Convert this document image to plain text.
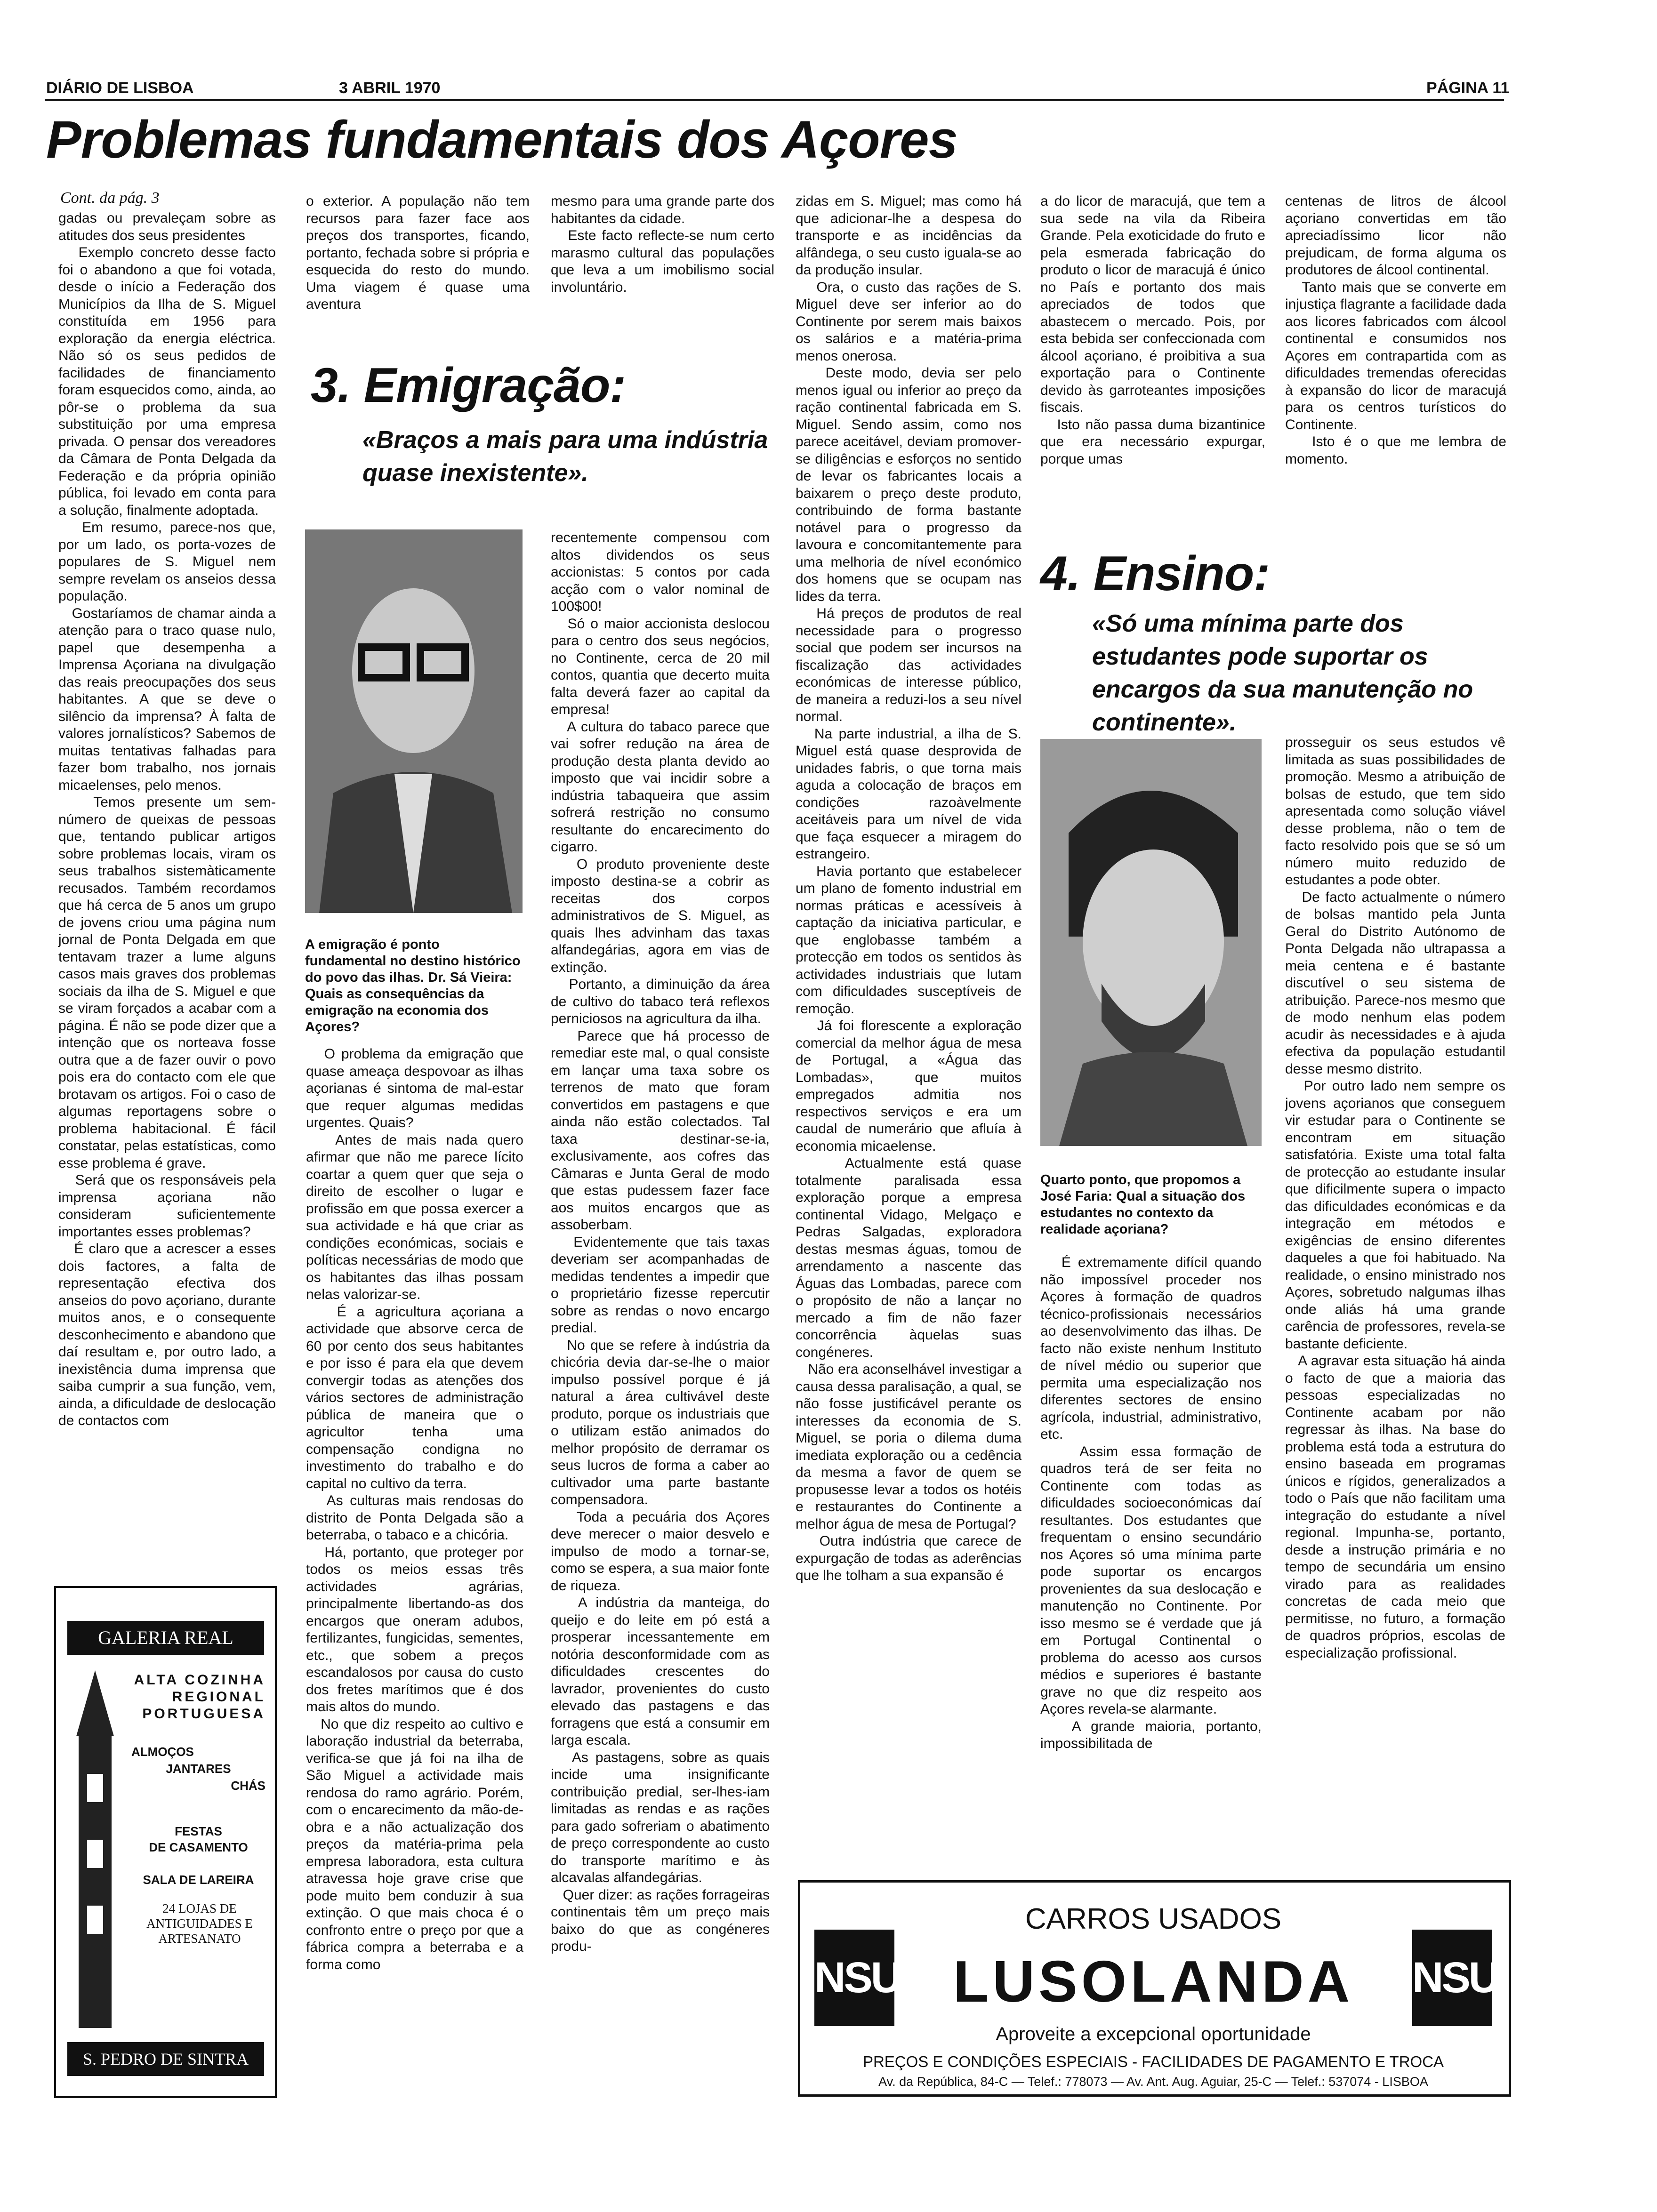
DIÁRIO DE LISBOA	3 ABRIL 1970	PÁGINA 11
Problemas fundamentais dos Açores
Cont. da pág. 3
gadas ou prevaleçam sobre as atitudes dos seus presidentes
Exemplo concreto desse facto foi o abandono a que foi votada, desde o início a Federação dos Municípios da Ilha de S. Miguel constituída em 1956 para exploração da energia eléctrica. Não só os seus pedidos de facilidades de financiamento foram esquecidos como, ainda, ao pôr-se o problema da sua substituição por uma empresa privada. O pensar dos vereadores da Câmara de Ponta Delgada da Federação e da própria opinião pública, foi levado em conta para a solução, finalmente adoptada.
Em resumo, parece-nos que, por um lado, os porta-vozes de populares de S. Miguel nem sempre revelam os anseios dessa população.
Gostaríamos de chamar ainda a atenção para o traco quase nulo, papel que desempenha a Imprensa Açoriana na divulgação das reais preocupações dos seus habitantes. A que se deve o silêncio da imprensa? À falta de valores jornalísticos? Sabemos de muitas tentativas falhadas para fazer bom trabalho, nos jornais micaelenses, pelo menos.
Temos presente um sem-número de queixas de pessoas que, tentando publicar artigos sobre problemas locais, viram os seus trabalhos sistemàticamente recusados. Também recordamos que há cerca de 5 anos um grupo de jovens criou uma página num jornal de Ponta Delgada em que tentavam trazer a lume alguns casos mais graves dos problemas sociais da ilha de S. Miguel e que se viram forçados a acabar com a página. É não se pode dizer que a intenção que os norteava fosse outra que a de fazer ouvir o povo pois era do contacto com ele que brotavam os artigos. Foi o caso de algumas reportagens sobre o problema habitacional. É fácil constatar, pelas estatísticas, como esse problema é grave.
Será que os responsáveis pela imprensa açoriana não consideram suficientemente importantes esses problemas?
É claro que a acrescer a esses dois factores, a falta de representação efectiva dos anseios do povo açoriano, durante muitos anos, e o consequente desconhecimento e abandono que daí resultam e, por outro lado, a inexistência duma imprensa que saiba cumprir a sua função, vem, ainda, a dificuldade de deslocação de contactos com
o exterior. A população não tem recursos para fazer face aos preços dos transportes, ficando, portanto, fechada sobre si própria e esquecida do resto do mundo. Uma viagem é quase uma aventura
mesmo para uma grande parte dos habitantes da cidade.
Este facto reflecte-se num certo marasmo cultural das populações que leva a um imobilismo social involuntário.
3. Emigração:
«Braços a mais para uma indústria quase inexistente».
A emigração é ponto fundamental no destino histórico do povo das ilhas. Dr. Sá Vieira: Quais as consequências da emigração na economia dos Açores?
O problema da emigração que quase ameaça despovoar as ilhas açorianas é sintoma de mal-estar que requer algumas medidas urgentes. Quais?
Antes de mais nada quero afirmar que não me parece lícito coartar a quem quer que seja o direito de escolher o lugar e profissão em que possa exercer a sua actividade e há que criar as condições económicas, sociais e políticas necessárias de modo que os habitantes das ilhas possam nelas valorizar-se.
É a agricultura açoriana a actividade que absorve cerca de 60 por cento dos seus habitantes e por isso é para ela que devem convergir todas as atenções dos vários sectores de administração pública de maneira que o agricultor tenha uma compensação condigna no investimento do trabalho e do capital no cultivo da terra.
As culturas mais rendosas do distrito de Ponta Delgada são a beterraba, o tabaco e a chicória.
Há, portanto, que proteger por todos os meios essas três actividades agrárias, principalmente libertando-as dos encargos que oneram adubos, fertilizantes, fungicidas, sementes, etc., que sobem a preços escandalosos por causa do custo dos fretes marítimos que é dos mais altos do mundo.
No que diz respeito ao cultivo e laboração industrial da beterraba, verifica-se que já foi na ilha de São Miguel a actividade mais rendosa do ramo agrário. Porém, com o encarecimento da mão-de-obra e a não actualização dos preços da matéria-prima pela empresa laboradora, esta cultura atravessa hoje grave crise que pode muito bem conduzir à sua extinção. O que mais choca é o confronto entre o preço por que a fábrica compra a beterraba e a forma como
recentemente compensou com altos dividendos os seus accionistas: 5 contos por cada acção com o valor nominal de 100$00!
Só o maior accionista deslocou para o centro dos seus negócios, no Continente, cerca de 20 mil contos, quantia que decerto muita falta deverá fazer ao capital da empresa!
A cultura do tabaco parece que vai sofrer redução na área de produção desta planta devido ao imposto que vai incidir sobre a indústria tabaqueira que assim sofrerá restrição no consumo resultante do encarecimento do cigarro.
O produto proveniente deste imposto destina-se a cobrir as receitas dos corpos administrativos de S. Miguel, as quais lhes advinham das taxas alfandegárias, agora em vias de extinção.
Portanto, a diminuição da área de cultivo do tabaco terá reflexos perniciosos na agricultura da ilha.
Parece que há processo de remediar este mal, o qual consiste em lançar uma taxa sobre os terrenos de mato que foram convertidos em pastagens e que ainda não estão colectados. Tal taxa destinar-se-ia, exclusivamente, aos cofres das Câmaras e Junta Geral de modo que estas pudessem fazer face aos muitos encargos que as assoberbam.
Evidentemente que tais taxas deveriam ser acompanhadas de medidas tendentes a impedir que o proprietário fizesse repercutir sobre as rendas o novo encargo predial.
No que se refere à indústria da chicória devia dar-se-lhe o maior impulso possível porque é já natural a área cultivável deste produto, porque os industriais que o utilizam estão animados do melhor propósito de derramar os seus lucros de forma a caber ao cultivador uma parte bastante compensadora.
Toda a pecuária dos Açores deve merecer o maior desvelo e impulso de modo a tornar-se, como se espera, a sua maior fonte de riqueza.
A indústria da manteiga, do queijo e do leite em pó está a prosperar incessantemente em notória desconformidade com as dificuldades crescentes do lavrador, provenientes do custo elevado das pastagens e das forragens que está a consumir em larga escala.
As pastagens, sobre as quais incide uma insignificante contribuição predial, ser-lhes-iam limitadas as rendas e as rações para gado sofreriam o abatimento de preço correspondente ao custo do transporte marítimo e às alcavalas alfandegárias.
Quer dizer: as rações forrageiras continentais têm um preço mais baixo do que as congéneres produ-
zidas em S. Miguel; mas como há que adicionar-lhe a despesa do transporte e as incidências da alfândega, o seu custo iguala-se ao da produção insular.
Ora, o custo das rações de S. Miguel deve ser inferior ao do Continente por serem mais baixos os salários e a matéria-prima menos onerosa.
Deste modo, devia ser pelo menos igual ou inferior ao preço da ração continental fabricada em S. Miguel. Sendo assim, como nos parece aceitável, deviam promover-se diligências e esforços no sentido de levar os fabricantes locais a baixarem o preço deste produto, contribuindo de forma bastante notável para o progresso da lavoura e concomitantemente para uma melhoria de nível económico dos homens que se ocupam nas lides da terra.
Há preços de produtos de real necessidade para o progresso social que podem ser incursos na fiscalização das actividades económicas de interesse público, de maneira a reduzi-los a seu nível normal.
Na parte industrial, a ilha de S. Miguel está quase desprovida de unidades fabris, o que torna mais aguda a colocação de braços em condições razoàvelmente aceitáveis para um nível de vida que faça esquecer a miragem do estrangeiro.
Havia portanto que estabelecer um plano de fomento industrial em normas práticas e acessíveis à captação da iniciativa particular, e que englobasse também a protecção em todos os sentidos às actividades industriais que lutam com dificuldades susceptíveis de remoção.
Já foi florescente a exploração comercial da melhor água de mesa de Portugal, a «Água das Lombadas», que muitos empregados admitia nos respectivos serviços e era um caudal de numerário que afluía à economia micaelense.
Actualmente está quase totalmente paralisada essa exploração porque a empresa continental Vidago, Melgaço e Pedras Salgadas, exploradora destas mesmas águas, tomou de arrendamento a nascente das Águas das Lombadas, parece com o propósito de não a lançar no mercado a fim de não fazer concorrência àquelas suas congéneres.
Não era aconselhável investigar a causa dessa paralisação, a qual, se não fosse justificável perante os interesses da economia de S. Miguel, se poria o dilema duma imediata exploração ou a cedência da mesma a favor de quem se propusesse levar a todos os hotéis e restaurantes do Continente a melhor água de mesa de Portugal?
Outra indústria que carece de expurgação de todas as aderências que lhe tolham a sua expansão é
a do licor de maracujá, que tem a sua sede na vila da Ribeira Grande. Pela exoticidade do fruto e pela esmerada fabricação do produto o licor de maracujá é único no País e portanto dos mais apreciados de todos que abastecem o mercado. Pois, por esta bebida ser confeccionada com álcool açoriano, é proibitiva a sua exportação para o Continente devido às garroteantes imposições fiscais.
Isto não passa duma bizantinice que era necessário expurgar, porque umas
centenas de litros de álcool açoriano convertidas em tão apreciadíssimo licor não prejudicam, de forma alguma os produtores de álcool continental.
Tanto mais que se converte em injustiça flagrante a facilidade dada aos licores fabricados com álcool continental e consumidos nos Açores em contrapartida com as dificuldades tremendas oferecidas à expansão do licor de maracujá para os centros turísticos do Continente.
Isto é o que me lembra de momento.
4. Ensino:
«Só uma mínima parte dos estudantes pode suportar os encargos da sua manutenção no continente».
Quarto ponto, que propomos a José Faria: Qual a situação dos estudantes no contexto da realidade açoriana?
É extremamente difícil quando não impossível proceder nos Açores à formação de quadros técnico-profissionais necessários ao desenvolvimento das ilhas. De facto não existe nenhum Instituto de nível médio ou superior que permita uma especialização nos diferentes sectores de ensino agrícola, industrial, administrativo, etc.
Assim essa formação de quadros terá de ser feita no Continente com todas as dificuldades socioeconómicas daí resultantes. Dos estudantes que frequentam o ensino secundário nos Açores só uma mínima parte pode suportar os encargos provenientes da sua deslocação e manutenção no Continente. Por isso mesmo se é verdade que já em Portugal Continental o problema do acesso aos cursos médios e superiores é bastante grave no que diz respeito aos Açores revela-se alarmante.
A grande maioria, portanto, impossibilitada de
prosseguir os seus estudos vê limitada as suas possibilidades de promoção. Mesmo a atribuição de bolsas de estudo, que tem sido apresentada como solução viável desse problema, não o tem de facto resolvido pois que se só um número muito reduzido de estudantes a pode obter.
De facto actualmente o número de bolsas mantido pela Junta Geral do Distrito Autónomo de Ponta Delgada não ultrapassa a meia centena e é bastante discutível o seu sistema de atribuição. Parece-nos mesmo que de modo nenhum elas podem acudir às necessidades e à ajuda efectiva da população estudantil desse mesmo distrito.
Por outro lado nem sempre os jovens açorianos que conseguem vir estudar para o Continente se encontram em situação satisfatória. Existe uma total falta de protecção ao estudante insular que dificilmente supera o impacto das dificuldades económicas e da integração em métodos e exigências de ensino diferentes daqueles a que foi habituado. Na realidade, o ensino ministrado nos Açores, sobretudo nalgumas ilhas onde aliás há uma grande carência de professores, revela-se bastante deficiente.
A agravar esta situação há ainda o facto de que a maioria das pessoas especializadas no Continente acabam por não regressar às ilhas. Na base do problema está toda a estrutura do ensino baseada em programas únicos e rígidos, generalizados a todo o País que não facilitam uma integração do estudante a nível regional. Impunha-se, portanto, desde a instrução primária e no tempo de secundária um ensino virado para as realidades concretas de cada meio que permitisse, no futuro, a formação de quadros próprios, escolas de especialização profissional.
GALERIA REAL
ALTA COZINHA
REGIONAL
PORTUGUESA
ALMOÇOS
JANTARES
CHÁS
FESTAS
DE CASAMENTO
SALA DE LAREIRA
24 LOJAS DE ANTIGUIDADES E ARTESANATO
S. PEDRO DE SINTRA
NSU	NSU
CARROS USADOS
LUSOLANDA
Aproveite a excepcional oportunidade
PREÇOS E CONDIÇÕES ESPECIAIS - FACILIDADES DE PAGAMENTO E TROCA
Av. da República, 84-C — Telef.: 778073 — Av. Ant. Aug. Aguiar, 25-C — Telef.: 537074 - LISBOA
